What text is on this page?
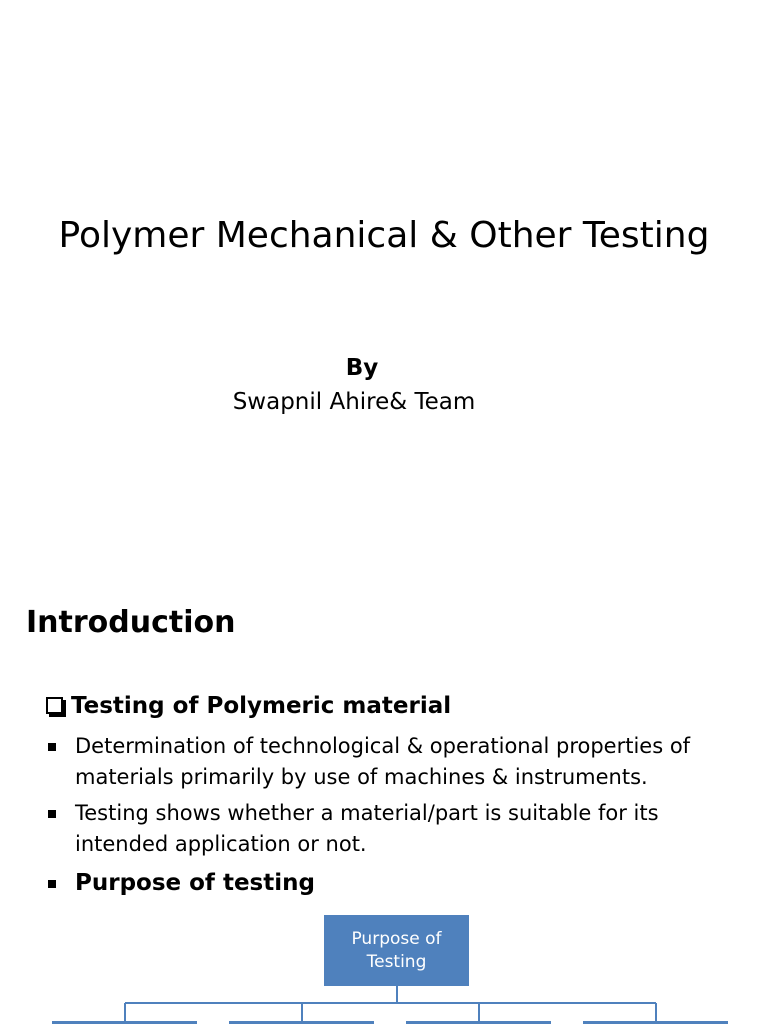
Polymer Mechanical & Other Testing
By
Swapnil Ahire& Team
Introduction
Testing of Polymeric material
Determination of technological & operational properties of materials primarily by use of machines & instruments.
Testing shows whether a material/part is suitable for its intended application or not.
Purpose of testing
Purpose of Testing
